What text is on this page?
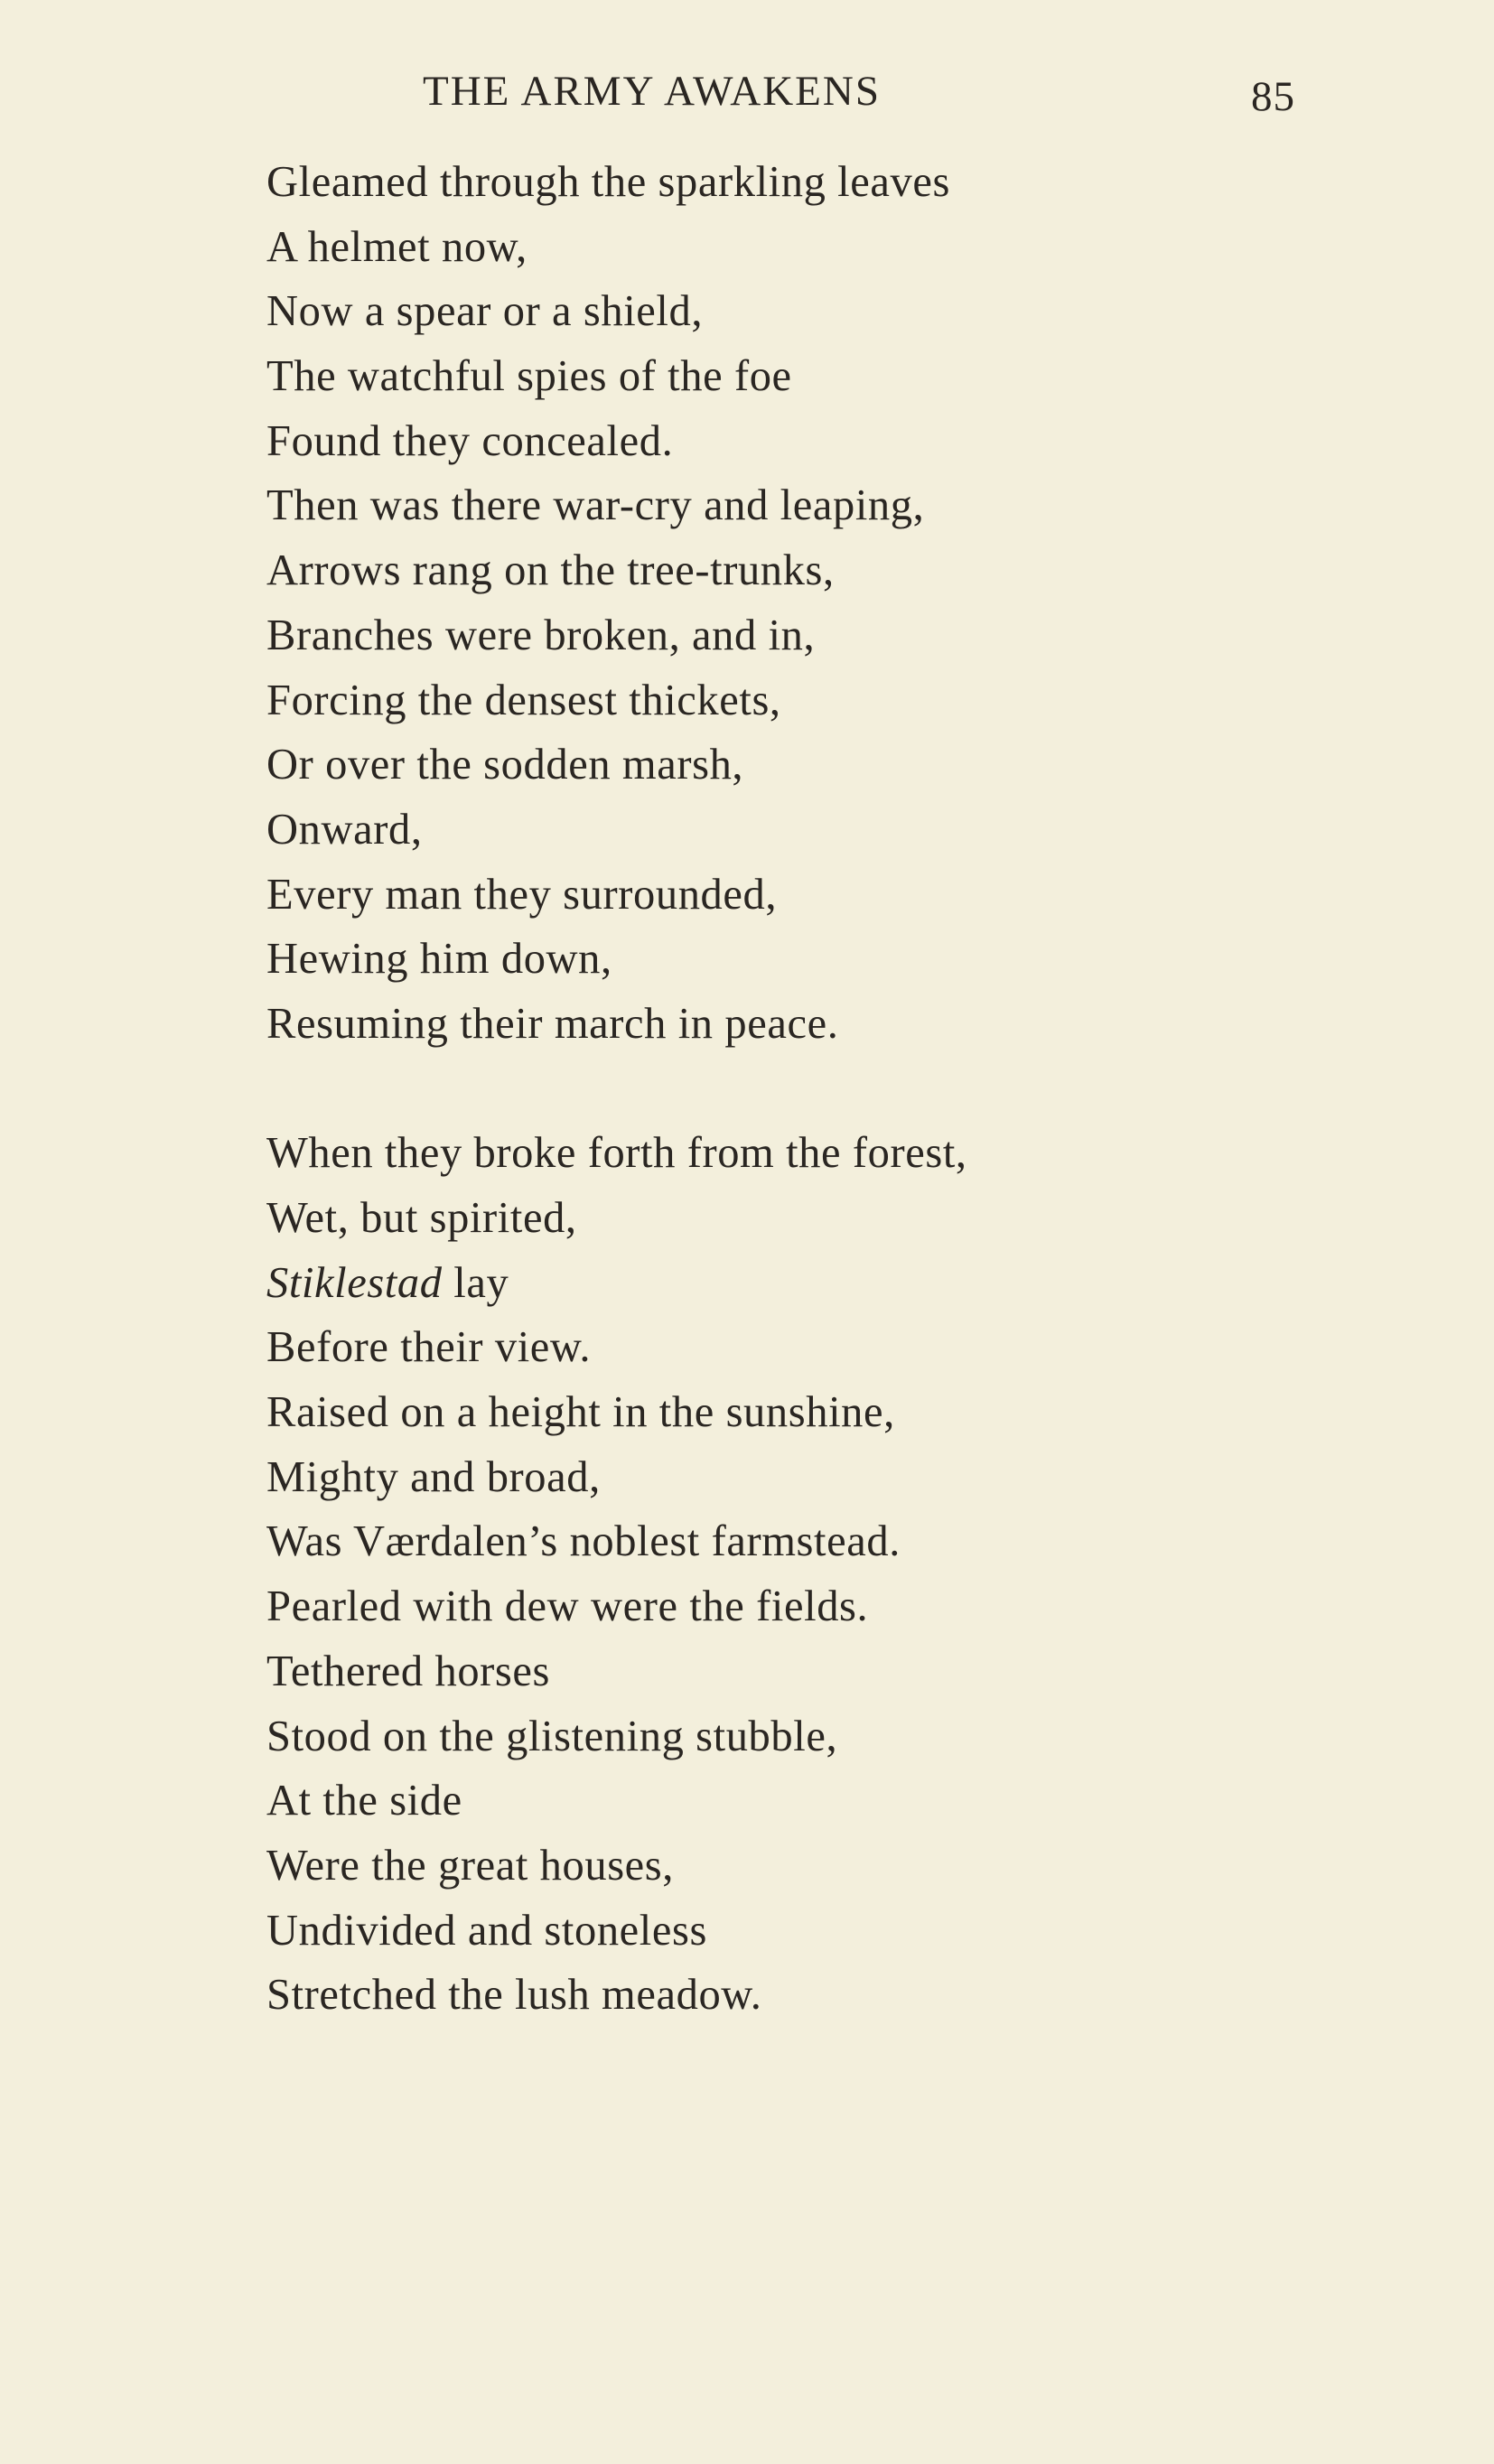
THE ARMY AWAKENS	85
Gleamed through the sparkling leaves
A helmet now,
Now a spear or a shield,
The watchful spies of the foe
Found they concealed.
Then was there war-cry and leaping,
Arrows rang on the tree-trunks,
Branches were broken, and in,
Forcing the densest thickets,
Or over the sodden marsh,
Onward,
Every man they surrounded,
Hewing him down,
Resuming their march in peace.
When they broke forth from the forest,
Wet, but spirited,
Stiklestad lay
Before their view.
Raised on a height in the sunshine,
Mighty and broad,
Was Værdalen’s noblest farmstead.
Pearled with dew were the fields.
Tethered horses
Stood on the glistening stubble,
At the side
Were the great houses,
Undivided and stoneless
Stretched the lush meadow.
